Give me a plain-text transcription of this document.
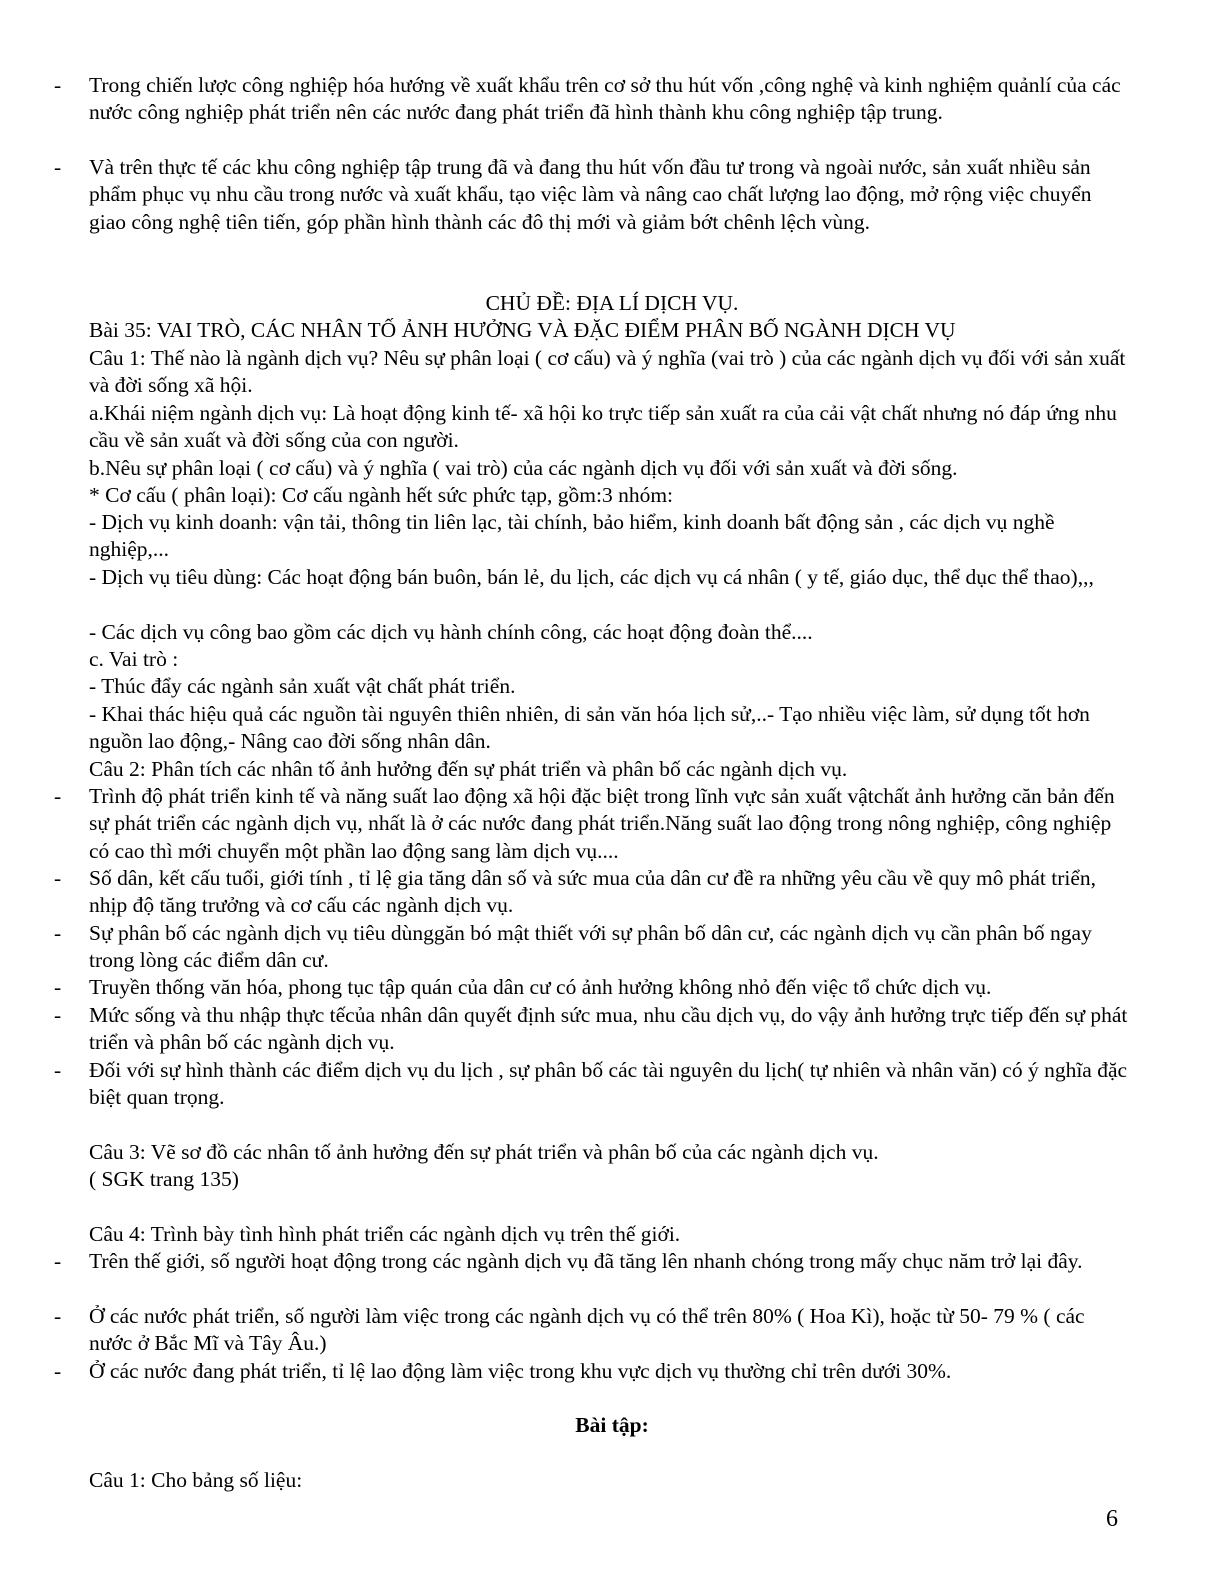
- Trong chiến lược công nghiệp hóa hướng về xuất khẩu trên cơ sở thu hút vốn ,công nghệ và kinh nghiệm quảnlí của các nước công nghiệp phát triển nên các nước đang phát triển đã hình thành khu công nghiệp tập trung.

- Và trên thực tế các khu công nghiệp tập trung đã và đang thu hút vốn đầu tư trong và ngoài nước, sản xuất nhiều sản phẩm phục vụ nhu cầu trong nước và xuất khẩu, tạo việc làm và nâng cao chất lượng lao động, mở rộng việc chuyển giao công nghệ tiên tiến, góp phần hình thành các đô thị mới và giảm bớt chênh lệch vùng.

CHỦ ĐỀ: ĐỊA LÍ DỊCH VỤ.

Bài 35: VAI TRÒ, CÁC NHÂN TỐ ẢNH HƯỞNG VÀ ĐẶC ĐIỂM PHÂN BỐ NGÀNH DỊCH VỤ

Câu 1: Thế nào là ngành dịch vụ? Nêu sự phân loại ( cơ cấu) và ý nghĩa (vai trò ) của các ngành dịch vụ đối với sản xuất và đời sống xã hội.

a.Khái niệm ngành dịch vụ: Là hoạt động kinh tế- xã hội ko trực tiếp sản xuất ra của cải vật chất nhưng nó đáp ứng nhu cầu về sản xuất và đời sống của con người.

b.Nêu sự phân loại ( cơ cấu) và ý nghĩa ( vai trò) của các ngành dịch vụ đối với sản xuất và đời sống.

* Cơ cấu ( phân loại): Cơ cấu ngành hết sức phức tạp, gồm:3 nhóm:

- Dịch vụ kinh doanh: vận tải, thông tin liên lạc, tài chính, bảo hiểm, kinh doanh bất động sản , các dịch vụ nghề nghiệp,...

- Dịch vụ tiêu dùng: Các hoạt động bán buôn, bán lẻ, du lịch, các dịch vụ cá nhân ( y tế, giáo dục, thể dục thể thao),,,

- Các dịch vụ công bao gồm các dịch vụ hành chính công, các hoạt động đoàn thể....

c. Vai trò :

- Thúc đẩy các ngành sản xuất vật chất phát triển.

- Khai thác hiệu quả các nguồn tài nguyên thiên nhiên, di sản văn hóa lịch sử,..- Tạo nhiều việc làm, sử dụng tốt hơn nguồn lao động,- Nâng cao đời sống nhân dân.

Câu 2: Phân tích các nhân tố ảnh hưởng đến sự phát triển và phân bố các ngành dịch vụ.

- Trình độ phát triển kinh tế và năng suất lao động xã hội đặc biệt trong lĩnh vực sản xuất vậtchất ảnh hưởng căn bản đến sự phát triển các ngành dịch vụ, nhất là ở các nước đang phát triển.Năng suất lao động trong nông nghiệp, công nghiệp có cao thì mới chuyển một phần lao động sang làm dịch vụ....

- Số dân, kết cấu tuổi, giới tính , tỉ lệ gia tăng dân số và sức mua của dân cư đề ra những yêu cầu về quy mô phát triển, nhịp độ tăng trưởng và cơ cấu các ngành dịch vụ.

- Sự phân bố các ngành dịch vụ tiêu dùnggăn bó mật thiết với sự phân bố dân cư, các ngành dịch vụ cần phân bố ngay trong lòng các điểm dân cư.

- Truyền thống văn hóa, phong tục tập quán của dân cư có ảnh hưởng không nhỏ đến việc tổ chức dịch vụ.

- Mức sống và thu nhập thực tếcủa nhân dân quyết định sức mua, nhu cầu dịch vụ, do vậy ảnh hưởng trực tiếp đến sự phát triển và phân bố các ngành dịch vụ.

- Đối với sự hình thành các điểm dịch vụ du lịch , sự phân bố các tài nguyên du lịch( tự nhiên và nhân văn) có ý nghĩa đặc biệt quan trọng.

Câu 3: Vẽ sơ đồ các nhân tố ảnh hưởng đến sự phát triển và phân bố của các ngành dịch vụ.

( SGK trang 135)

Câu 4: Trình bày tình hình phát triển các ngành dịch vụ trên thế giới.

- Trên thế giới, số người hoạt động trong các ngành dịch vụ đã tăng lên nhanh chóng trong mấy chục năm trở lại đây.

- Ở các nước phát triển, số người làm việc trong các ngành dịch vụ có thể trên 80% ( Hoa Kì), hoặc từ 50- 79 % ( các nước ở Bắc Mĩ và Tây Âu.)

- Ở các nước đang phát triển, tỉ lệ lao động làm việc trong khu vực dịch vụ thường chỉ trên dưới 30%.

Bài tập:

Câu 1: Cho bảng số liệu:

6
